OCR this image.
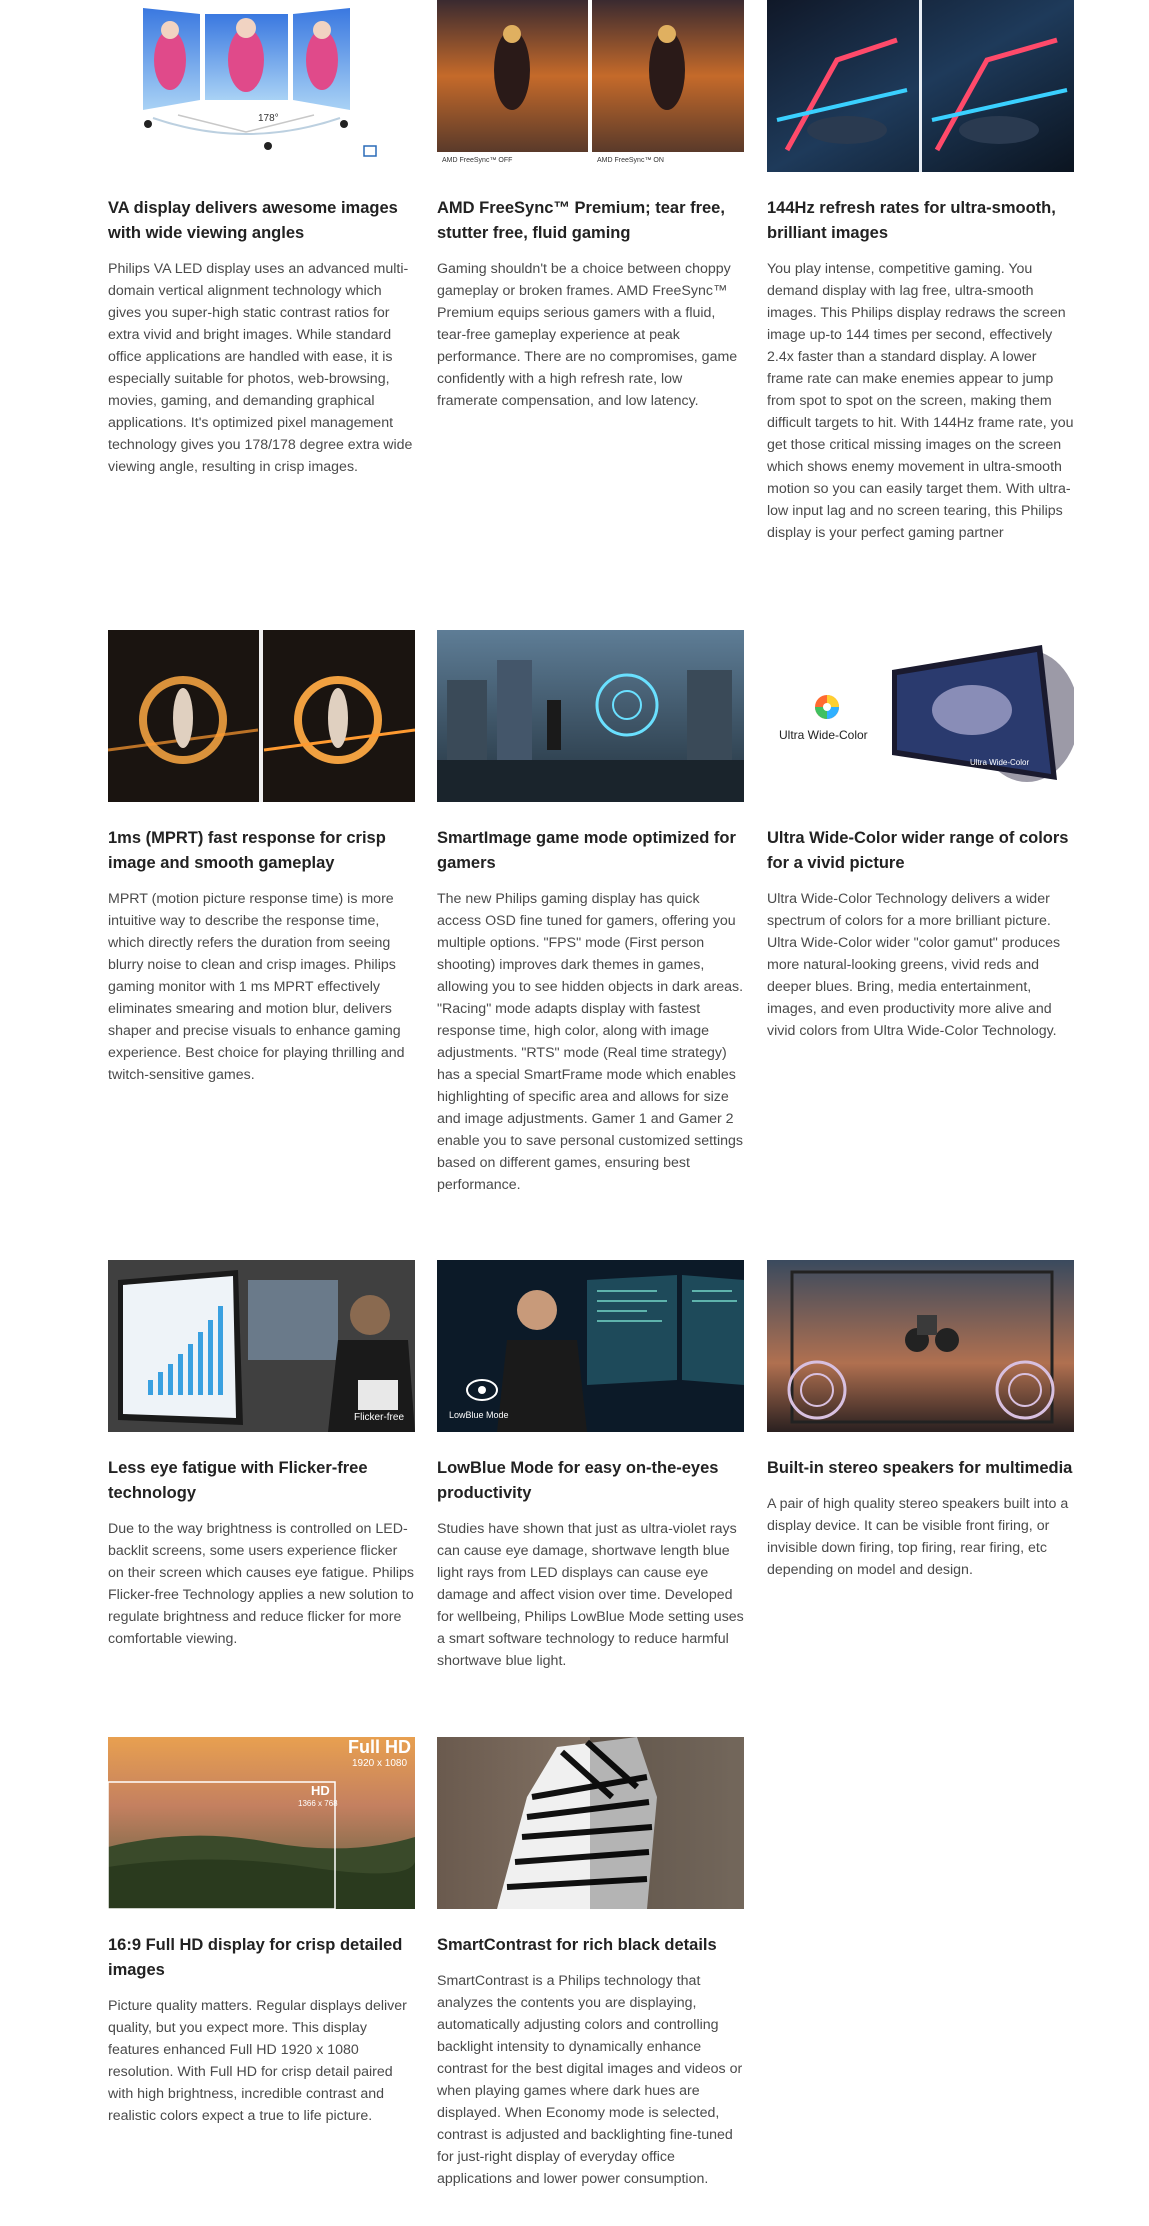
178°
VA display delivers awesome images with wide viewing angles

Philips VA LED display uses an advanced multi-domain vertical alignment technology which gives you super-high static contrast ratios for extra vivid and bright images. While standard office applications are handled with ease, it is especially suitable for photos, web-browsing, movies, gaming, and demanding graphical applications. It's optimized pixel management technology gives you 178/178 degree extra wide viewing angle, resulting in crisp images.

AMD FreeSync™ OFF	AMD FreeSync™ ON
AMD FreeSync™ Premium; tear free, stutter free, fluid gaming

Gaming shouldn't be a choice between choppy gameplay or broken frames. AMD FreeSync™ Premium equips serious gamers with a fluid, tear-free gameplay experience at peak performance. There are no compromises, game confidently with a high refresh rate, low framerate compensation, and low latency.

144Hz refresh rates for ultra-smooth, brilliant images

You play intense, competitive gaming. You demand display with lag free, ultra-smooth images. This Philips display redraws the screen image up-to 144 times per second, effectively 2.4x faster than a standard display. A lower frame rate can make enemies appear to jump from spot to spot on the screen, making them difficult targets to hit. With 144Hz frame rate, you get those critical missing images on the screen which shows enemy movement in ultra-smooth motion so you can easily target them. With ultra-low input lag and no screen tearing, this Philips display is your perfect gaming partner

1ms (MPRT) fast response for crisp image and smooth gameplay

MPRT (motion picture response time) is more intuitive way to describe the response time, which directly refers the duration from seeing blurry noise to clean and crisp images. Philips gaming monitor with 1 ms MPRT effectively eliminates smearing and motion blur, delivers shaper and precise visuals to enhance gaming experience. Best choice for playing thrilling and twitch-sensitive games.

SmartImage game mode optimized for gamers

The new Philips gaming display has quick access OSD fine tuned for gamers, offering you multiple options. "FPS" mode (First person shooting) improves dark themes in games, allowing you to see hidden objects in dark areas. "Racing" mode adapts display with fastest response time, high color, along with image adjustments. "RTS" mode (Real time strategy) has a special SmartFrame mode which enables highlighting of specific area and allows for size and image adjustments. Gamer 1 and Gamer 2 enable you to save personal customized settings based on different games, ensuring best performance.

Ultra Wide-Color
Ultra Wide-Color
Ultra Wide-Color wider range of colors for a vivid picture

Ultra Wide-Color Technology delivers a wider spectrum of colors for a more brilliant picture. Ultra Wide-Color wider "color gamut" produces more natural-looking greens, vivid reds and deeper blues. Bring, media entertainment, images, and even productivity more alive and vivid colors from Ultra Wide-Color Technology.

Flicker-free
Less eye fatigue with Flicker-free technology

Due to the way brightness is controlled on LED-backlit screens, some users experience flicker on their screen which causes eye fatigue. Philips Flicker-free Technology applies a new solution to regulate brightness and reduce flicker for more comfortable viewing.

LowBlue Mode
LowBlue Mode for easy on-the-eyes productivity

Studies have shown that just as ultra-violet rays can cause eye damage, shortwave length blue light rays from LED displays can cause eye damage and affect vision over time. Developed for wellbeing, Philips LowBlue Mode setting uses a smart software technology to reduce harmful shortwave blue light.

Built-in stereo speakers for multimedia

A pair of high quality stereo speakers built into a display device. It can be visible front firing, or invisible down firing, top firing, rear firing, etc depending on model and design.

Full HD
1920 x 1080
HD
1366 x 768
16:9 Full HD display for crisp detailed images

Picture quality matters. Regular displays deliver quality, but you expect more. This display features enhanced Full HD 1920 x 1080 resolution. With Full HD for crisp detail paired with high brightness, incredible contrast and realistic colors expect a true to life picture.

SmartContrast for rich black details

SmartContrast is a Philips technology that analyzes the contents you are displaying, automatically adjusting colors and controlling backlight intensity to dynamically enhance contrast for the best digital images and videos or when playing games where dark hues are displayed. When Economy mode is selected, contrast is adjusted and backlighting fine-tuned for just-right display of everyday office applications and lower power consumption.
